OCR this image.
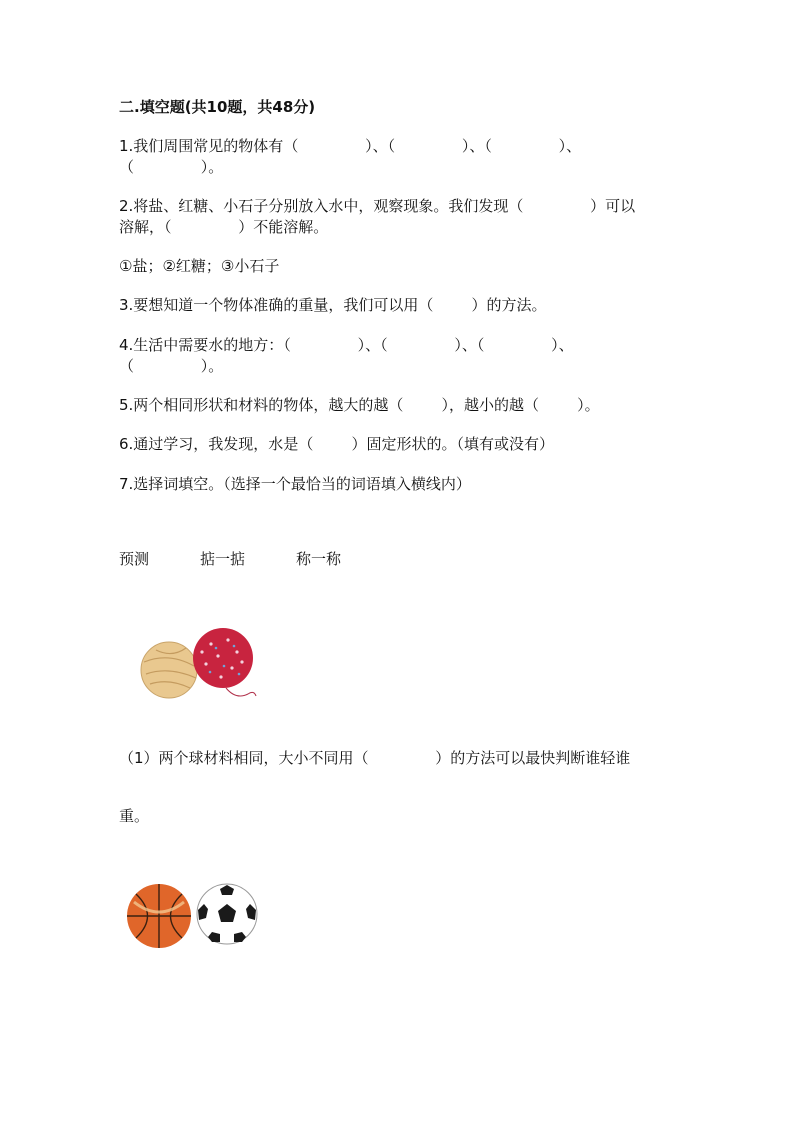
二.填空题(共10题，共48分)
1.我们周围常见的物体有（              ）、（              ）、（              ）、
（              ）。
2.将盐、红糖、小石子分别放入水中，观察现象。我们发现（              ）可以
溶解，（              ）不能溶解。
①盐；②红糖；③小石子
3.要想知道一个物体准确的重量，我们可以用（        ）的方法。
4.生活中需要水的地方：（              ）、（              ）、（              ）、
（              ）。
5.两个相同形状和材料的物体，越大的越（        ），越小的越（        ）。
6.通过学习，我发现，水是（        ）固定形状的。（填有或没有）
7.选择词填空。（选择一个最恰当的词语填入横线内）
预测	掂一掂	称一称
（1）两个球材料相同，大小不同用（              ）的方法可以最快判断谁轻谁
重。
